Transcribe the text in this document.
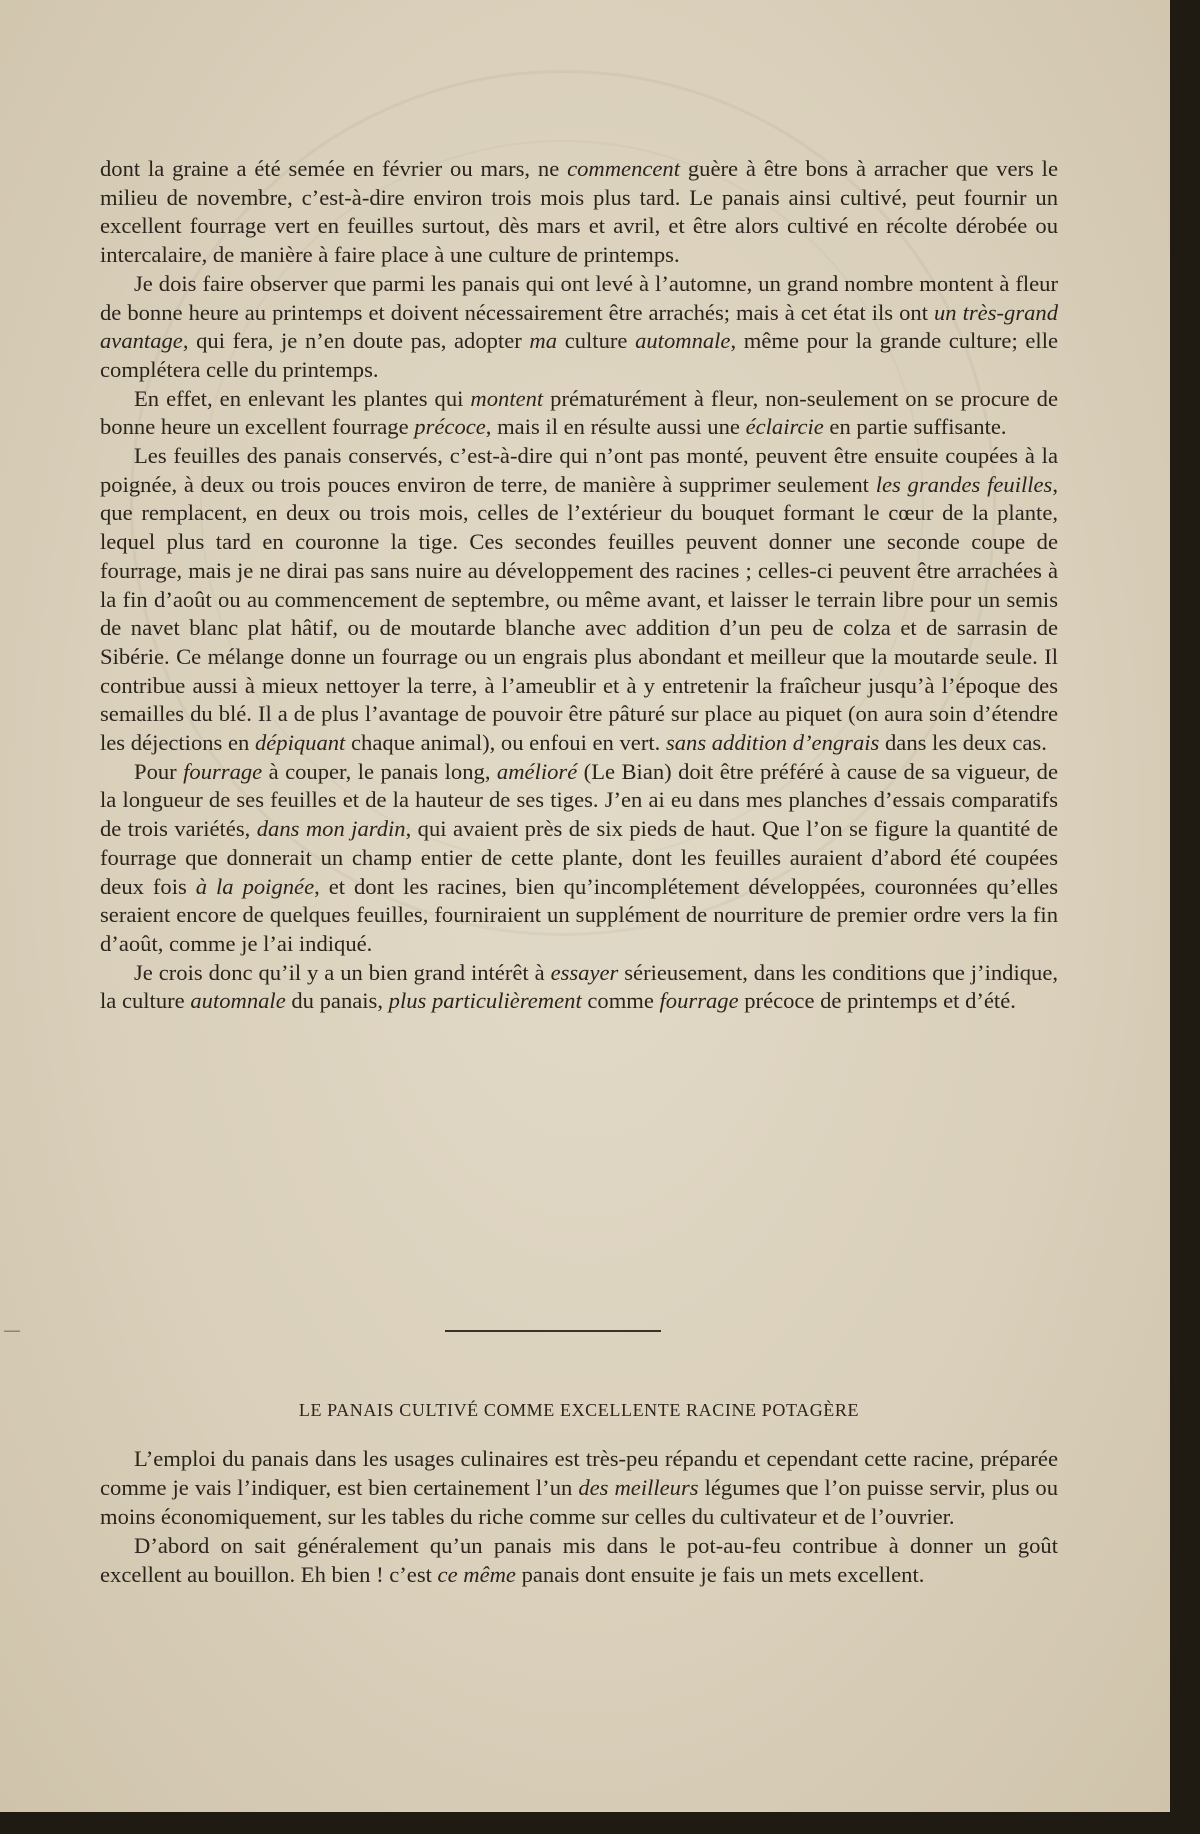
dont la graine a été semée en février ou mars, ne commencent guère à être bons à arracher que vers le milieu de novembre, c’est-à-dire environ trois mois plus tard. Le panais ainsi cultivé, peut fournir un excellent fourrage vert en feuilles surtout, dès mars et avril, et être alors cultivé en récolte dérobée ou intercalaire, de manière à faire place à une culture de printemps.

Je dois faire observer que parmi les panais qui ont levé à l’automne, un grand nombre montent à fleur de bonne heure au printemps et doivent nécessairement être arrachés; mais à cet état ils ont un très-grand avantage, qui fera, je n’en doute pas, adopter ma culture automnale, même pour la grande culture; elle complétera celle du printemps.

En effet, en enlevant les plantes qui montent prématurément à fleur, non-seulement on se procure de bonne heure un excellent fourrage précoce, mais il en résulte aussi une éclaircie en partie suffisante.

Les feuilles des panais conservés, c’est-à-dire qui n’ont pas monté, peuvent être ensuite coupées à la poignée, à deux ou trois pouces environ de terre, de manière à supprimer seulement les grandes feuilles, que remplacent, en deux ou trois mois, celles de l’extérieur du bouquet formant le cœur de la plante, lequel plus tard en couronne la tige. Ces secondes feuilles peuvent donner une seconde coupe de fourrage, mais je ne dirai pas sans nuire au développement des racines ; celles-ci peuvent être arrachées à la fin d’août ou au commencement de septembre, ou même avant, et laisser le terrain libre pour un semis de navet blanc plat hâtif, ou de moutarde blanche avec addition d’un peu de colza et de sarrasin de Sibérie. Ce mélange donne un fourrage ou un engrais plus abondant et meilleur que la moutarde seule. Il contribue aussi à mieux nettoyer la terre, à l’ameublir et à y entretenir la fraîcheur jusqu’à l’époque des semailles du blé. Il a de plus l’avantage de pouvoir être pâturé sur place au piquet (on aura soin d’étendre les déjections en dépiquant chaque animal), ou enfoui en vert. sans addition d’engrais dans les deux cas.

Pour fourrage à couper, le panais long, amélioré (Le Bian) doit être préféré à cause de sa vigueur, de la longueur de ses feuilles et de la hauteur de ses tiges. J’en ai eu dans mes planches d’essais comparatifs de trois variétés, dans mon jardin, qui avaient près de six pieds de haut. Que l’on se figure la quantité de fourrage que donnerait un champ entier de cette plante, dont les feuilles auraient d’abord été coupées deux fois à la poignée, et dont les racines, bien qu’incomplétement développées, couronnées qu’elles seraient encore de quelques feuilles, fourniraient un supplément de nourriture de premier ordre vers la fin d’août, comme je l’ai indiqué.

Je crois donc qu’il y a un bien grand intérêt à essayer sérieusement, dans les conditions que j’indique, la culture automnale du panais, plus particulièrement comme fourrage précoce de printemps et d’été.

LE PANAIS CULTIVÉ COMME EXCELLENTE RACINE POTAGÈRE

L’emploi du panais dans les usages culinaires est très-peu répandu et cependant cette racine, préparée comme je vais l’indiquer, est bien certainement l’un des meilleurs légumes que l’on puisse servir, plus ou moins économiquement, sur les tables du riche comme sur celles du cultivateur et de l’ouvrier.

D’abord on sait généralement qu’un panais mis dans le pot-au-feu contribue à donner un goût excellent au bouillon. Eh bien ! c’est ce même panais dont ensuite je fais un mets excellent.

—
